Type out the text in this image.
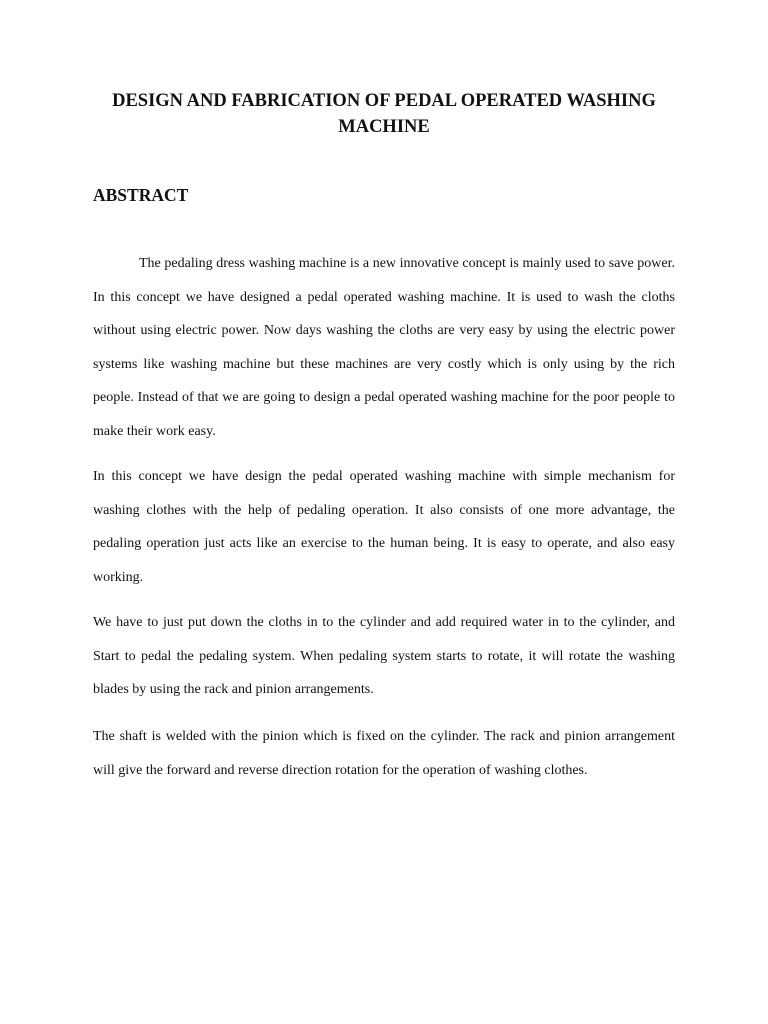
DESIGN AND FABRICATION OF PEDAL OPERATED WASHING MACHINE
ABSTRACT

The pedaling dress washing machine is a new innovative concept is mainly used to save power. In this concept we have designed a pedal operated washing machine. It is used to wash the cloths without using electric power. Now days washing the cloths are very easy by using the electric power systems like washing machine but these machines are very costly which is only using by the rich people. Instead of that we are going to design a pedal operated washing machine for the poor people to make their work easy.

In this concept we have design the pedal operated washing machine with simple mechanism for washing clothes with the help of pedaling operation. It also consists of one more advantage, the pedaling operation just acts like an exercise to the human being. It is easy to operate, and also easy working.

We have to just put down the cloths in to the cylinder and add required water in to the cylinder, and Start to pedal the pedaling system. When pedaling system starts to rotate, it will rotate the washing blades by using the rack and pinion arrangements.

The shaft is welded with the pinion which is fixed on the cylinder. The rack and pinion arrangement will give the forward and reverse direction rotation for the operation of washing clothes.
